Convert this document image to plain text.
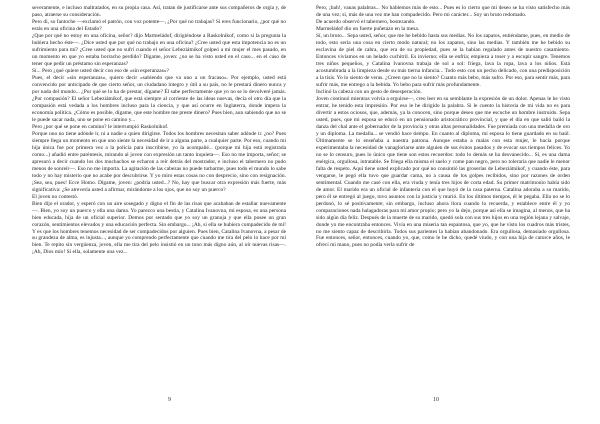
severamente, e incluso maltratados, en su propia casa. Así, tratan de justificarse ante sus compañeros de orgía y, de paso, atraerse su consideración.

Pero di, so fantoche —exclamó el patrón, con voz potente—, ¿Por qué no trabajas? Si eres funcionario, ¿por qué no estás en una oficina del Estado?

¿Que por qué no estoy en una oficina, señor? dijo Marmeládof, dirigiéndose a Raskolnikof, como si la pregunta la hubiera hecho éste—. ¿Dice usted que por qué no trabajo en una oficina? ¿Cree usted que esta impotencia no es un sufrimiento para mí? ¿Cree usted que no sufrí cuando el señor Lebeziátnikof golpeó a mi mujer el mes pasado, en un momento en que yo estaba borracho perdido? Dígame, joven: ¿no se ha visto usted en el caso... en el caso de tener que pedir un préstamo sin esperanzas?

Sí... Pero ¿qué quiere usted decir con eso de «sin esperanzas»?

Pues, el decir «sin esperanzas», quiero decir «sabiendo que va uno a un fracaso». Por ejemplo, usted está convencido por anticipado de que cierto señor, un ciudadano íntegro y útil a su país, no le prestará dinero nunca y por nada del mundo... ¿Por qué se lo ha de prestar, dígame? Él sabe perfectamente que yo no se lo devolveré jamás. ¿Por compasión? El señor Lebeziátnikof, que está siempre al corriente de las ideas nuevas, decía el otro día que la compasión está vedada a los hombres incluso para la ciencia, y que así ocurre en Inglaterra, donde impera la economía política. ¿Cómo es posible, dígame, que este hombre me preste dinero? Pues bien, aun sabiendo que no se le puede sacar nada, uno se pone en camino y...

Pero ¿por qué se pone en camino? le interrumpió Raskolnikof.

Porque uno no tiene adónde ir, ni a nadie a quien dirigirse. Todos los hombres necesitan saber adónde ir. ¿no? Pues siempre llega un momento en que uno siente la necesidad de ir a alguna parte, a cualquier parte. Por eso, cuando mi hija única fue por primera vez a la policía para inscribirse, yo la acompañé... (porque mi hija está registrada como...) añadió entre paréntesis, mirando al joven con expresión un tanto inquieta—. Eso no me importa, señor; se apresuró a decir cuando los dos muchachos se echaron a reír detrás del mostrador, e incluso el tabernero no pudo menos de sonreír—. Eso no me importa. La agitación de las cabezas no puede turbarme, pues todo el mundo lo sabe todo y no hay misterio que no acabe por descubrirse. Y yo miro estas cosas no con desprecio, sino con resignación. ¡Sea, sea, pues! Ecce Homo. Dígame, joven: ¿podría usted...? No, hay que buscar otra expresión más fuerte, más significativa: ¿Se atrevería usted a afirmar, mirándome a los ojos, que no soy un puerco?

El joven no contestó.

Bien dijo el orador, y esperó con un aire sosegado y digno el fin de las risas que acababan de estallar nuevamente—. Bien, yo soy un puerco y ella una dama. Yo parezco una bestia, y Catalina Ivanovna, mi esposa, es una persona bien educada, hija de un oficial superior. Demos por sentado que yo soy un granuja y que ella posee un gran corazón, sentimientos elevados y una educación perfecta. Sin embargo... ¡Ah, si ella se hubiera compadecido de mí! Y es que los hombres tenemos necesidad de ser compadecidos por alguien. Pues bien, Catalina Ivanovna, a pesar de su grandeza de alma, es injusta..., aunque yo comprendo perfectamente que cuando me tira del pelo lo hace por mi bien. Te repito sin vergüenza, joven, ella me tira del pelo insistió en un tono más digno aún, al oír nuevas risas—. ¡Ah, Dios mío! Si ella, solamente una vez...

9

Pero, ¡bah!, vanas palabras... No hablemos más de esto... Pues es lo cierto que mi deseo se ha visto satisfecho más de una vez; sí, más de una vez me han compadecido. Pero mi carácter... Soy un bruto redomado.

De acuerdo observó el tabernero, bostezando.

Marmeládof dio un fuerte puñetazo en la mesa.

Sí, un bruto... Sepa usted, señor, que me he bebido hasta sus medias. No los zapatos, entiéndame, pues, en medio de todo, esto sería una cosa en cierto modo natural; no los zapatos, sino las medias. Y también me he bebido su esclavina de piel de cabra, que era de su propiedad, pues se la habían regalado antes de nuestro casamiento. Entonces vivíamos en un helado cuchitril. Es invierno; ella se enfría; empieza a toser y a escupir sangre. Tenemos tres niños pequeños, y Catalina Ivanovna trabaja de sol a sol: friega, lava la ropa, lava a los niños. Está acostumbrada a la limpieza desde su más tierna infancia... Todo esto con un pecho delicado, con una predisposición a la tisis. Yo lo siento de veras. ¿Creen que no lo siento? Cuanto más bebo, más sufro. Por eso, para sentir más, para sufrir más, me entrego a la bebida. Yo bebo para sufrir más profundamente.

Inclinó la cabeza con un gesto de desesperación.

Joven continuó mientras volvía a erguirse—, creo leer en su semblante la expresión de un dolor. Apenas le he visto entrar, he tenido esta impresión. Por eso le he dirigido la palabra. Si le cuento la historia de mi vida no es para divertir a estos ociosos, que, además, ya la conocen, sino porque deseo que me escuche un hombre instruido. Sepa usted, pues, que mi esposa se educó en un pensionado aristocrático provincial, y que el día en que salió bailó la danza del chal ante el gobernador de la provincia y otras altas personalidades. Fue premiada con una medalla de oro y un diploma. La medalla... se vendió hace tiempo. En cuanto al diploma, mi esposa lo tiene guardado en su baúl. Últimamente se lo enseñaba a nuestra patrona. Aunque estaba a malas con esta mujer, le hacía porque experimentaba la necesidad de vanagloriarse ante alguien de sus éxitos pasados y de evocar sus tiempos felices. Yo no se lo censuro, pues lo único que tiene son estos recuerdos: todo lo demás se ha desvanecido... Sí, es una dama enérgica, orgullosa, intratable. Se friega ella misma el suelo y come pan negro, pero no toleraría que nadie le menor falta de respeto. Aquí tiene usted explicado por qué no consintió las groserías de Lebeziátnikof, y cuando éste, para vengarse, le pegó ella tuvo que guardar cama, no a causa de los golpes recibidos, sino por razones de orden sentimental. Cuando me casé con ella, era viuda y tenía tres hijos de corta edad. Su primer matrimonio había sido de amor. El marido era un oficial de infantería con el que huyó de la casa paterna. Catalina adoraba a su marido, pero él se entregó al juego, tuvo asuntos con la justicia y murió. En los últimos tiempos, él le pegaba. Ella no se lo perdonó, lo sé positivamente; sin embargo, incluso ahora llora cuando lo recuerda, y establece entre él y yo comparaciones nada halagadoras para mi amor propio; pero yo la dejo, porque así ella se imagina, al menos, que ha sido algún día feliz. Después de la muerte de su marido, quedó sola con sus tres hijos en una región lejana y salvaje, donde yo me encontraba entonces. Vivía en una miseria tan espantosa, que yo, que he visto los cuadros más tristes, no me siento capaz de describirla. Todos sus parientes la habían abandonado. Era orgullosa, demasiado orgullosa. Fue entonces, señor, entonces, cuando yo, que, como le he dicho, quedé viudo, y con una hija de catorce años, le ofrecí mi mano, pues no podía verla sufrir de

10
